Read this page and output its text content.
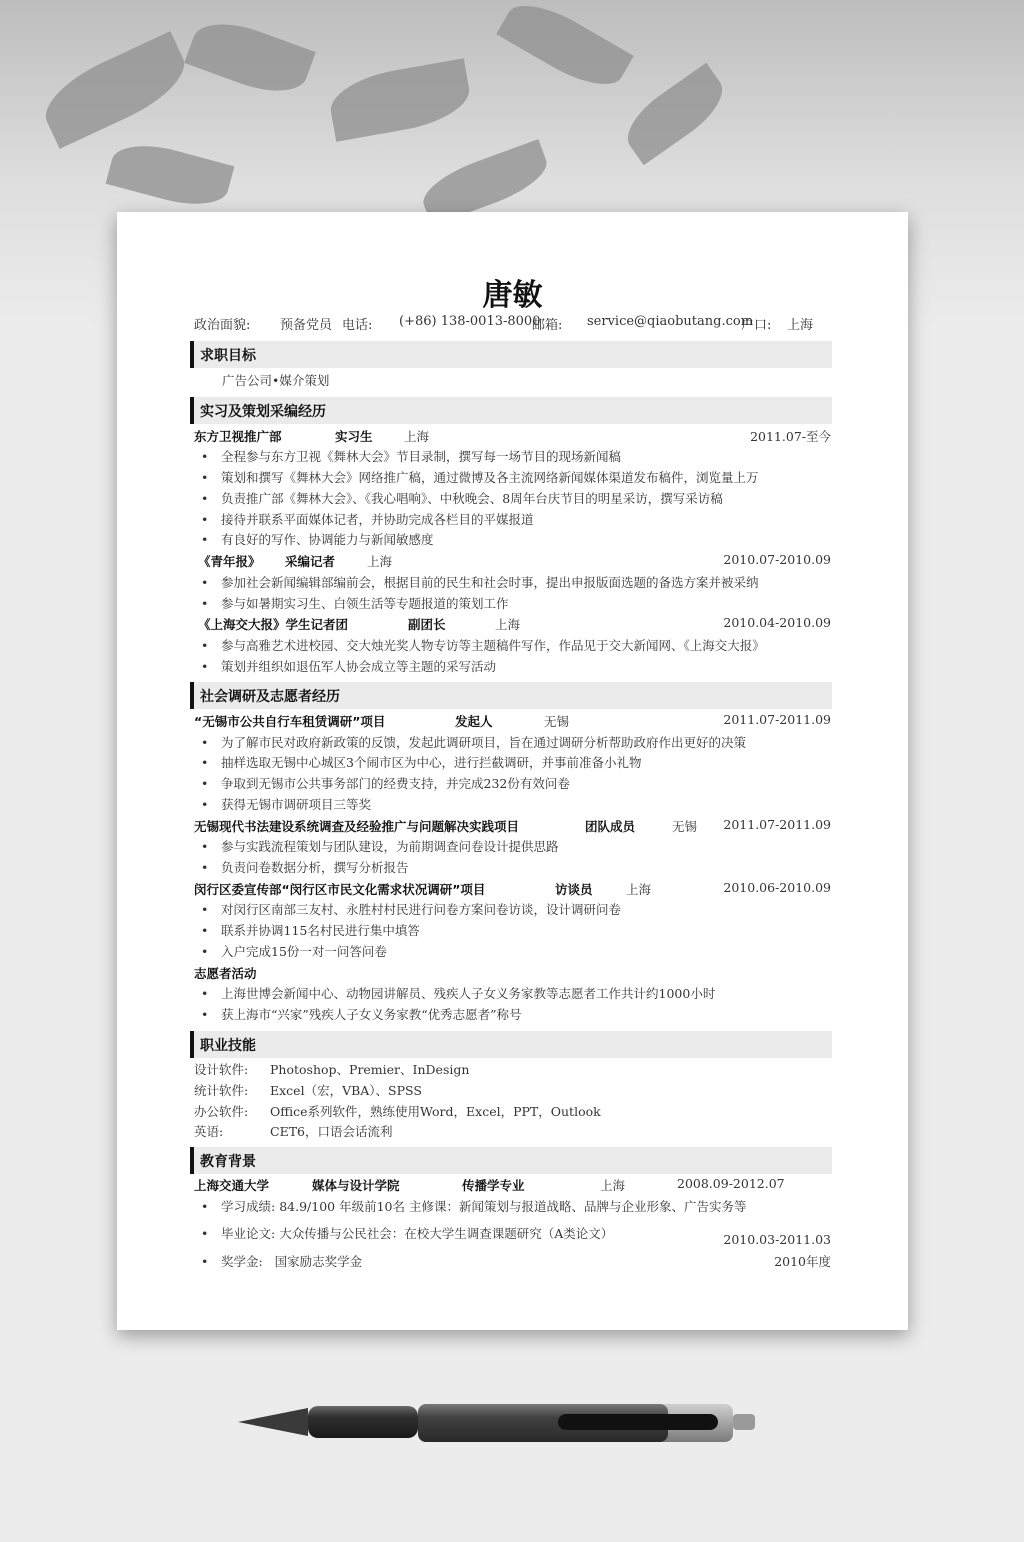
唐敏
政治面貌: 预备党员 电话: (+86) 138-0013-8000
邮箱: service@qiaobutang.com
户口: 上海
求职目标
广告公司•媒介策划
实习及策划采编经历
东方卫视推广部	实习生	上海	2011.07-至今
• 全程参与东方卫视《舞林大会》节目录制，撰写每一场节目的现场新闻稿
• 策划和撰写《舞林大会》网络推广稿，通过微博及各主流网络新闻媒体渠道发布稿件，浏览量上万
• 负责推广部《舞林大会》、《我心唱响》、中秋晚会、8周年台庆节目的明星采访，撰写采访稿
• 接待并联系平面媒体记者，并协助完成各栏目的平媒报道
• 有良好的写作、协调能力与新闻敏感度
《青年报》 采编记者	上海	2010.07-2010.09
• 参加社会新闻编辑部编前会，根据目前的民生和社会时事，提出申报版面选题的备选方案并被采纳
• 参与如暑期实习生、白领生活等专题报道的策划工作
《上海交大报》学生记者团	副团长	上海	2010.04-2010.09
• 参与高雅艺术进校园、交大烛光奖人物专访等主题稿件写作，作品见于交大新闻网、《上海交大报》
• 策划并组织如退伍军人协会成立等主题的采写活动
社会调研及志愿者经历
“无锡市公共自行车租赁调研”项目	发起人	无锡	2011.07-2011.09
• 为了解市民对政府新政策的反馈，发起此调研项目，旨在通过调研分析帮助政府作出更好的决策
• 抽样选取无锡中心城区3个闹市区为中心，进行拦截调研，并事前准备小礼物
• 争取到无锡市公共事务部门的经费支持，并完成232份有效问卷
• 获得无锡市调研项目三等奖
无锡现代书法建设系统调查及经验推广与问题解决实践项目	团队成员	无锡 2011.07-2011.09
• 参与实践流程策划与团队建设，为前期调查问卷设计提供思路
• 负责问卷数据分析，撰写分析报告
闵行区委宣传部“闵行区市民文化需求状况调研”项目	访谈员	上海	2010.06-2010.09
• 对闵行区南部三友村、永胜村村民进行问卷方案问卷访谈，设计调研问卷
• 联系并协调115名村民进行集中填答
• 入户完成15份一对一问答问卷
志愿者活动
• 上海世博会新闻中心、动物园讲解员、残疾人子女义务家教等志愿者工作共计约1000小时
• 获上海市“兴家”残疾人子女义务家教“优秀志愿者”称号
职业技能
设计软件: Photoshop、Premier、InDesign
统计软件: Excel（宏，VBA）、SPSS
办公软件: Office系列软件，熟练使用Word，Excel，PPT，Outlook
英语:	CET6，口语会话流利
教育背景
上海交通大学	媒体与设计学院	传播学专业	上海	2008.09-2012.07
• 学习成绩: 84.9/100 年级前10名 主修课：新闻策划与报道战略、品牌与企业形象、广告实务等
• 毕业论文: 大众传播与公民社会：在校大学生调查课题研究（A类论文）	2010.03-2011.03
• 奖学金: 国家励志奖学金	2010年度
